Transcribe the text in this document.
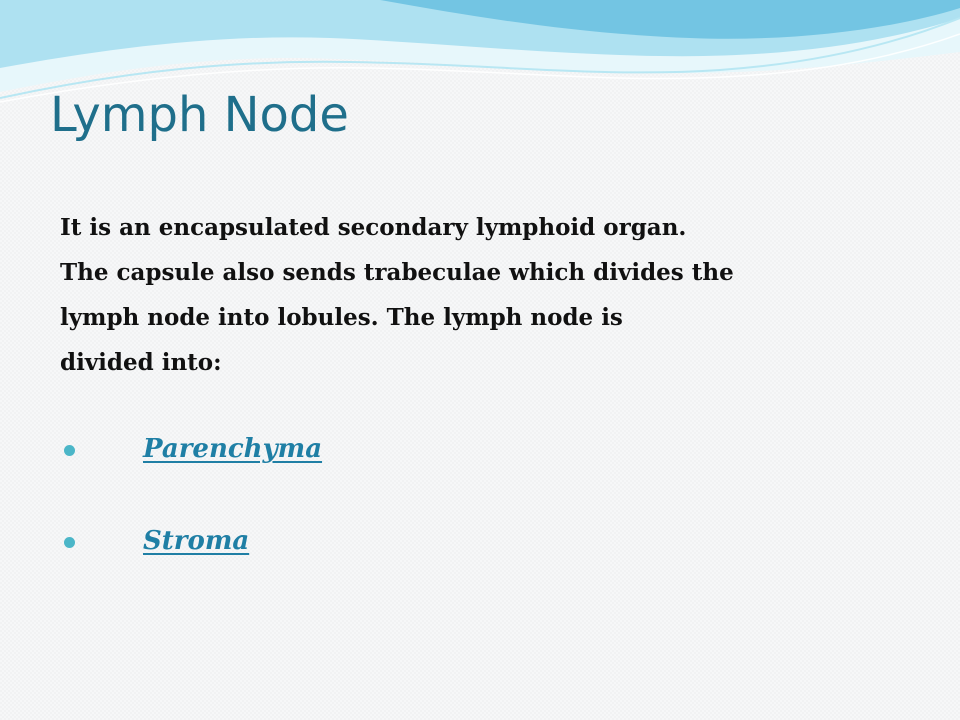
Lymph Node

It is an encapsulated secondary lymphoid organ.
The capsule also sends trabeculae which divides the
lymph node into lobules. The lymph node is
divided into:

Parenchyma
Stroma
